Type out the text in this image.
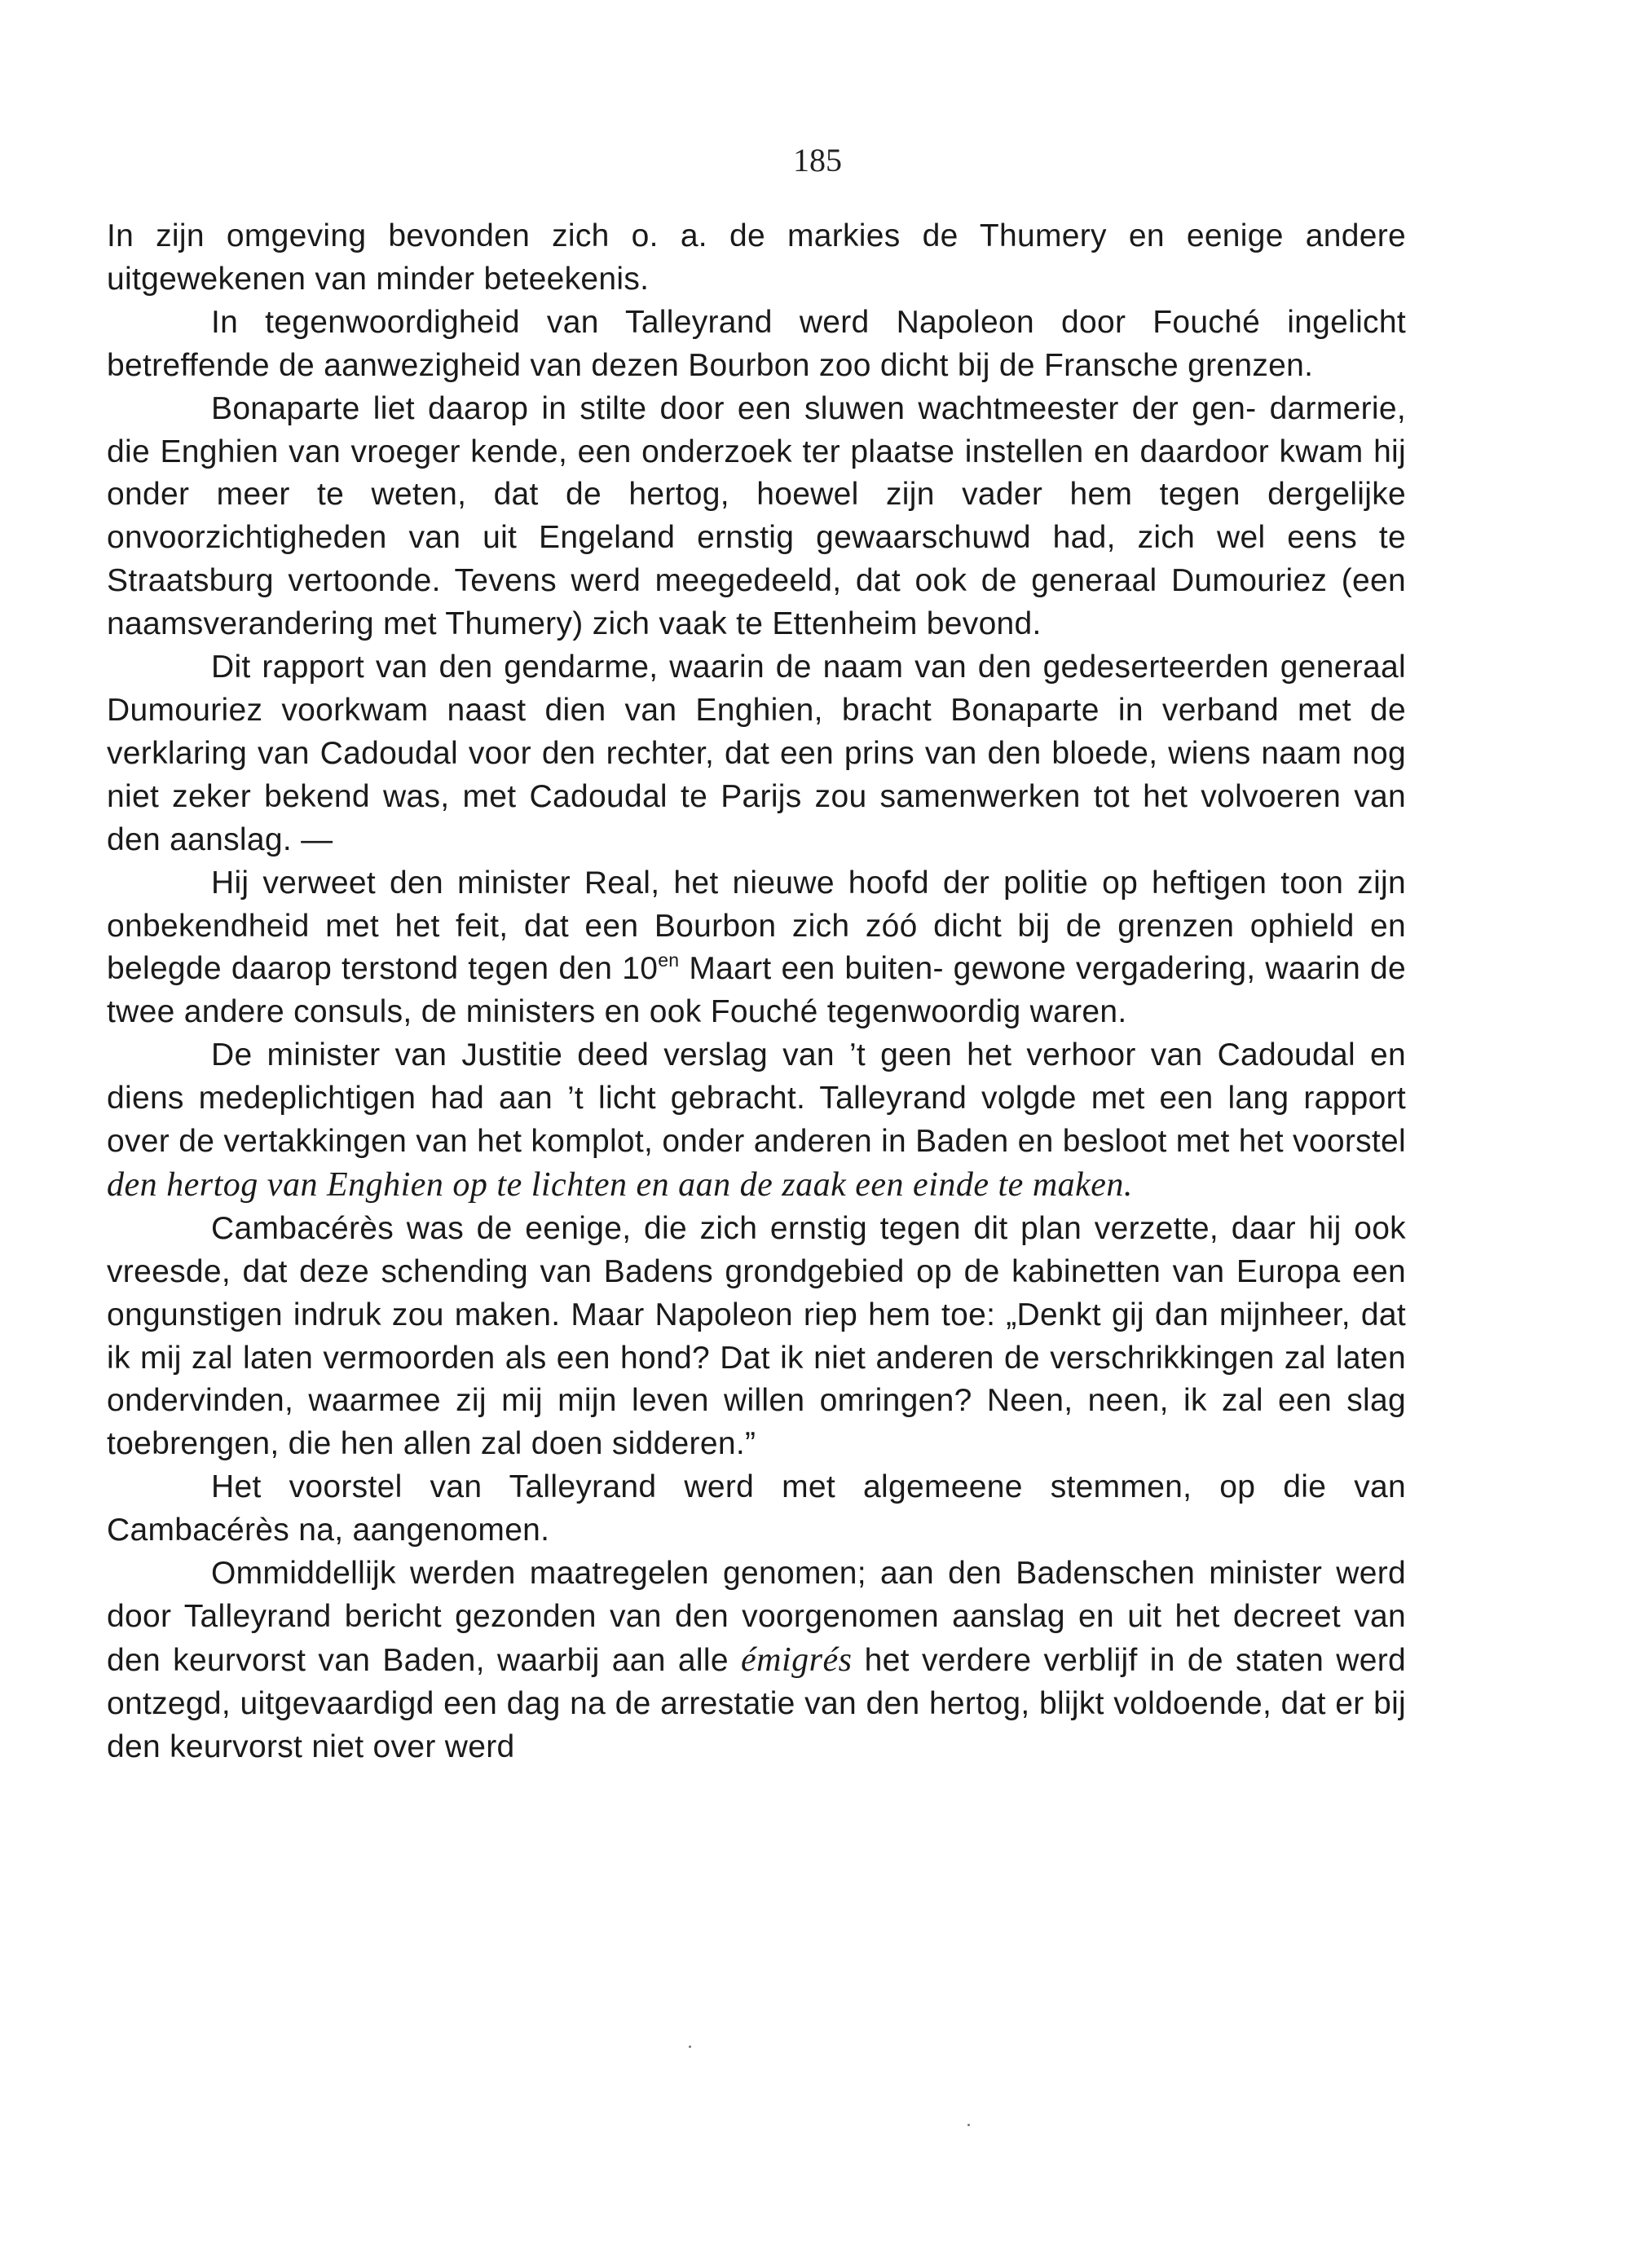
185

In zijn omgeving bevonden zich o. a. de markies de Thumery en eenige andere uitgewekenen van minder beteekenis.

In tegenwoordigheid van Talleyrand werd Napoleon door Fouché ingelicht betreffende de aanwezigheid van dezen Bourbon zoo dicht bij de Fransche grenzen.

Bonaparte liet daarop in stilte door een sluwen wachtmeester der gen- darmerie, die Enghien van vroeger kende, een onderzoek ter plaatse instellen en daardoor kwam hij onder meer te weten, dat de hertog, hoewel zijn vader hem tegen dergelijke onvoorzichtigheden van uit Engeland ernstig gewaarschuwd had, zich wel eens te Straatsburg vertoonde. Tevens werd meegedeeld, dat ook de generaal Dumouriez (een naamsverandering met Thumery) zich vaak te Ettenheim bevond.

Dit rapport van den gendarme, waarin de naam van den gedeserteerden generaal Dumouriez voorkwam naast dien van Enghien, bracht Bonaparte in verband met de verklaring van Cadoudal voor den rechter, dat een prins van den bloede, wiens naam nog niet zeker bekend was, met Cadoudal te Parijs zou samenwerken tot het volvoeren van den aanslag. —

Hij verweet den minister Real, het nieuwe hoofd der politie op heftigen toon zijn onbekendheid met het feit, dat een Bourbon zich zóó dicht bij de grenzen ophield en belegde daarop terstond tegen den $10^{en}$ Maart een buiten- gewone vergadering, waarin de twee andere consuls, de ministers en ook Fouché tegenwoordig waren.

De minister van Justitie deed verslag van ’t geen het verhoor van Cadoudal en diens medeplichtigen had aan ’t licht gebracht. Talleyrand volgde met een lang rapport over de vertakkingen van het komplot, onder anderen in Baden en besloot met het voorstel den hertog van Enghien op te lichten en aan de zaak een einde te maken.

Cambacérès was de eenige, die zich ernstig tegen dit plan verzette, daar hij ook vreesde, dat deze schending van Badens grondgebied op de kabinetten van Europa een ongunstigen indruk zou maken. Maar Napoleon riep hem toe: „Denkt gij dan mijnheer, dat ik mij zal laten vermoorden als een hond? Dat ik niet anderen de verschrikkingen zal laten ondervinden, waarmee zij mij mijn leven willen omringen? Neen, neen, ik zal een slag toebrengen, die hen allen zal doen sidderen.”

Het voorstel van Talleyrand werd met algemeene stemmen, op die van Cambacérès na, aangenomen.

Ommiddellijk werden maatregelen genomen; aan den Badenschen minister werd door Talleyrand bericht gezonden van den voorgenomen aanslag en uit het decreet van den keurvorst van Baden, waarbij aan alle émigrés het verdere verblijf in de staten werd ontzegd, uitgevaardigd een dag na de arrestatie van den hertog, blijkt voldoende, dat er bij den keurvorst niet over werd
